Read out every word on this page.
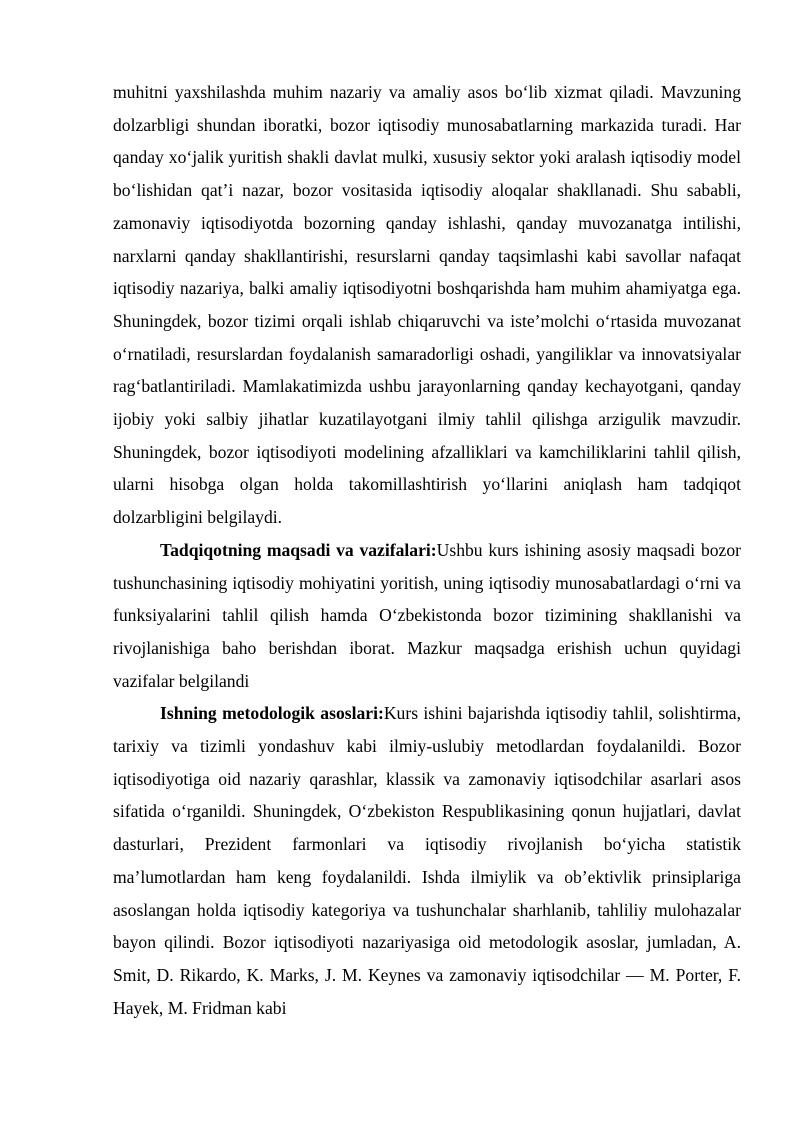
muhitni yaxshilashda muhim nazariy va amaliy asos bo‘lib xizmat qiladi. Mavzuning dolzarbligi shundan iboratki, bozor iqtisodiy munosabatlarning markazida turadi. Har qanday xo‘jalik yuritish shakli davlat mulki, xususiy sektor yoki aralash iqtisodiy model bo‘lishidan qat’i nazar, bozor vositasida iqtisodiy aloqalar shakllanadi. Shu sababli, zamonaviy iqtisodiyotda bozorning qanday ishlashi, qanday muvozanatga intilishi, narxlarni qanday shakllantirishi, resurslarni qanday taqsimlashi kabi savollar nafaqat iqtisodiy nazariya, balki amaliy iqtisodiyotni boshqarishda ham muhim ahamiyatga ega. Shuningdek, bozor tizimi orqali ishlab chiqaruvchi va iste’molchi o‘rtasida muvozanat o‘rnatiladi, resurslardan foydalanish samaradorligi oshadi, yangiliklar va innovatsiyalar rag‘batlantiriladi. Mamlakatimizda ushbu jarayonlarning qanday kechayotgani, qanday ijobiy yoki salbiy jihatlar kuzatilayotgani ilmiy tahlil qilishga arzigulik mavzudir. Shuningdek, bozor iqtisodiyoti modelining afzalliklari va kamchiliklarini tahlil qilish, ularni hisobga olgan holda takomillashtirish yo‘llarini aniqlash ham tadqiqot dolzarbligini belgilaydi.

Tadqiqotning maqsadi va vazifalari:Ushbu kurs ishining asosiy maqsadi bozor tushunchasining iqtisodiy mohiyatini yoritish, uning iqtisodiy munosabatlardagi o‘rni va funksiyalarini tahlil qilish hamda O‘zbekistonda bozor tizimining shakllanishi va rivojlanishiga baho berishdan iborat. Mazkur maqsadga erishish uchun quyidagi vazifalar belgilandi

Ishning metodologik asoslari:Kurs ishini bajarishda iqtisodiy tahlil, solishtirma, tarixiy va tizimli yondashuv kabi ilmiy-uslubiy metodlardan foydalanildi. Bozor iqtisodiyotiga oid nazariy qarashlar, klassik va zamonaviy iqtisodchilar asarlari asos sifatida o‘rganildi. Shuningdek, O‘zbekiston Respublikasining qonun hujjatlari, davlat dasturlari, Prezident farmonlari va iqtisodiy rivojlanish bo‘yicha statistik ma’lumotlardan ham keng foydalanildi. Ishda ilmiylik va ob’ektivlik prinsiplariga asoslangan holda iqtisodiy kategoriya va tushunchalar sharhlanib, tahliliy mulohazalar bayon qilindi. Bozor iqtisodiyoti nazariyasiga oid metodologik asoslar, jumladan, A. Smit, D. Rikardo, K. Marks, J. M. Keynes va zamonaviy iqtisodchilar — M. Porter, F. Hayek, M. Fridman kabi
